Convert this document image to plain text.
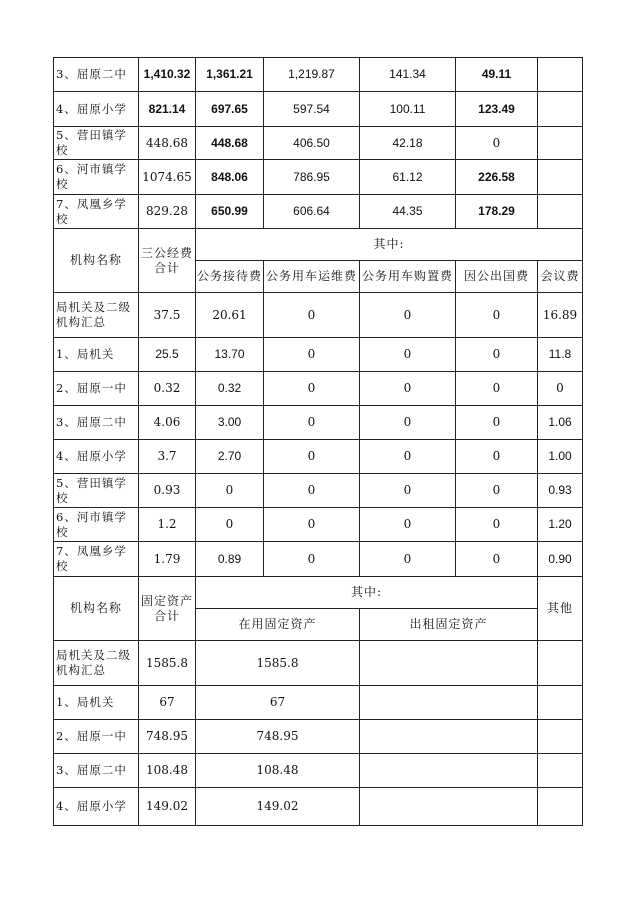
3、屈原二中	1,410.32	1,361.21	1,219.87	141.34	49.11	
4、屈原小学	821.14	697.65	597.54	100.11	123.49	
5、营田镇学校	448.68	448.68	406.50	42.18	0	
6、河市镇学校	1074.65	848.06	786.95	61.12	226.58	
7、凤凰乡学校	829.28	650.99	606.64	44.35	178.29	
机构名称	三公经费合计	其中:				
		公务接待费	公务用车运维费	公务用车购置费	因公出国费	会议费
局机关及二级机构汇总	37.5	20.61	0	0	0	16.89
1、局机关	25.5	13.70	0	0	0	11.8
2、屈原一中	0.32	0.32	0	0	0	0
3、屈原二中	4.06	3.00	0	0	0	1.06
4、屈原小学	3.7	2.70	0	0	0	1.00
5、营田镇学校	0.93	0	0	0	0	0.93
6、河市镇学校	1.2	0	0	0	0	1.20
7、凤凰乡学校	1.79	0.89	0	0	0	0.90
机构名称	固定资产合计	其中:		其他
		在用固定资产	出租固定资产	
局机关及二级机构汇总	1585.8	1585.8		
1、局机关	67	67		
2、屈原一中	748.95	748.95		
3、屈原二中	108.48	108.48		
4、屈原小学	149.02	149.02		
